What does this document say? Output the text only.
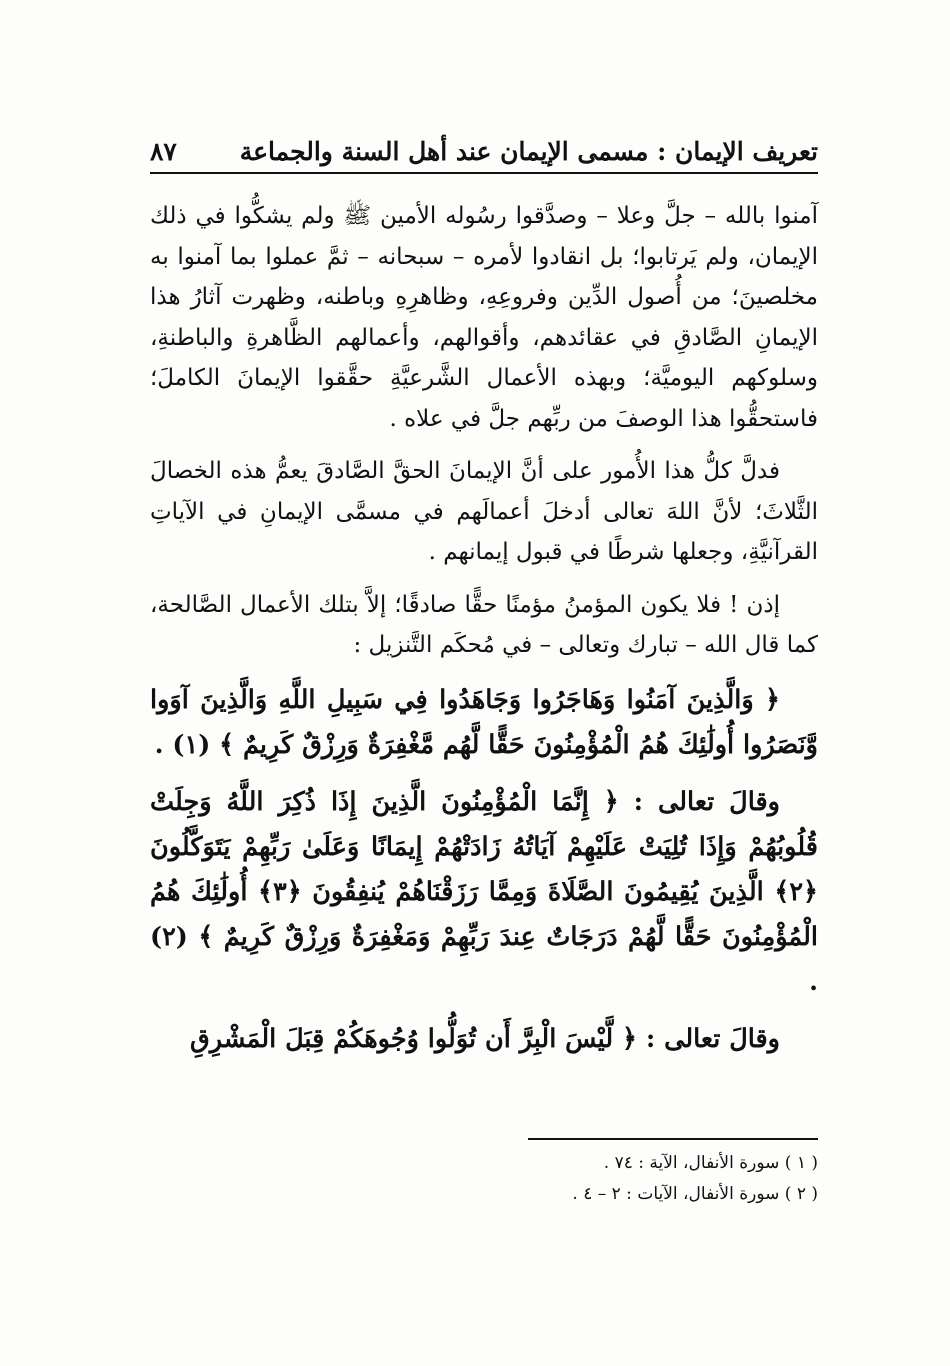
تعريف الإيمان : مسمى الإيمان عند أهل السنة والجماعة
٨٧

آمنوا بالله – جلَّ وعلا – وصدَّقوا رسُوله الأمين ﷺ ولم يشكُّوا في ذلك الإيمان، ولم يَرتابوا؛ بل انقادوا لأمره – سبحانه – ثمَّ عملوا بما آمنوا به مخلصينَ؛ من أُصول الدِّين وفروعِهِ، وظاهرِهِ وباطنه، وظهرت آثارُ هذا الإيمانِ الصَّادقِ في عقائدهم، وأقوالهم، وأعمالهم الظَّاهرةِ والباطنةِ، وسلوكهم اليوميَّة؛ وبهذه الأعمال الشَّرعيَّةِ حقَّقوا الإيمانَ الكاملَ؛ فاستحقُّوا هذا الوصفَ من ربِّهم جلَّ في علاه .

فدلَّ كلُّ هذا الأُمور على أنَّ الإيمانَ الحقَّ الصَّادقَ يعمُّ هذه الخصالَ الثَّلاثَ؛ لأنَّ اللهَ تعالى أدخلَ أعمالَهم في مسمَّى الإيمانِ في الآياتِ القرآنيَّةِ، وجعلها شرطًا في قبول إيمانهم .

إذن ! فلا يكون المؤمنُ مؤمنًا حقًّا صادقًا؛ إلاَّ بتلك الأعمال الصَّالحة، كما قال الله – تبارك وتعالى – في مُحكَم التَّنزيل :

﴿ وَالَّذِينَ آمَنُوا وَهَاجَرُوا وَجَاهَدُوا فِي سَبِيلِ اللَّهِ وَالَّذِينَ آوَوا وَّنَصَرُوا أُولَٰئِكَ هُمُ الْمُؤْمِنُونَ حَقًّا لَّهُم مَّغْفِرَةٌ وَرِزْقٌ كَرِيمٌ ﴾ (١) .

وقالَ تعالى : ﴿ إِنَّمَا الْمُؤْمِنُونَ الَّذِينَ إِذَا ذُكِرَ اللَّهُ وَجِلَتْ قُلُوبُهُمْ وَإِذَا تُلِيَتْ عَلَيْهِمْ آيَاتُهُ زَادَتْهُمْ إِيمَانًا وَعَلَىٰ رَبِّهِمْ يَتَوَكَّلُونَ ﴿٢﴾ الَّذِينَ يُقِيمُونَ الصَّلَاةَ وَمِمَّا رَزَقْنَاهُمْ يُنفِقُونَ ﴿٣﴾ أُولَٰئِكَ هُمُ الْمُؤْمِنُونَ حَقًّا لَّهُمْ دَرَجَاتٌ عِندَ رَبِّهِمْ وَمَغْفِرَةٌ وَرِزْقٌ كَرِيمٌ ﴾ (٢) .

وقالَ تعالى : ﴿ لَّيْسَ الْبِرَّ أَن تُوَلُّوا وُجُوهَكُمْ قِبَلَ الْمَشْرِقِ

( ١ ) سورة الأنفال، الآية : ٧٤ .
( ٢ ) سورة الأنفال، الآيات : ٢ – ٤ .
